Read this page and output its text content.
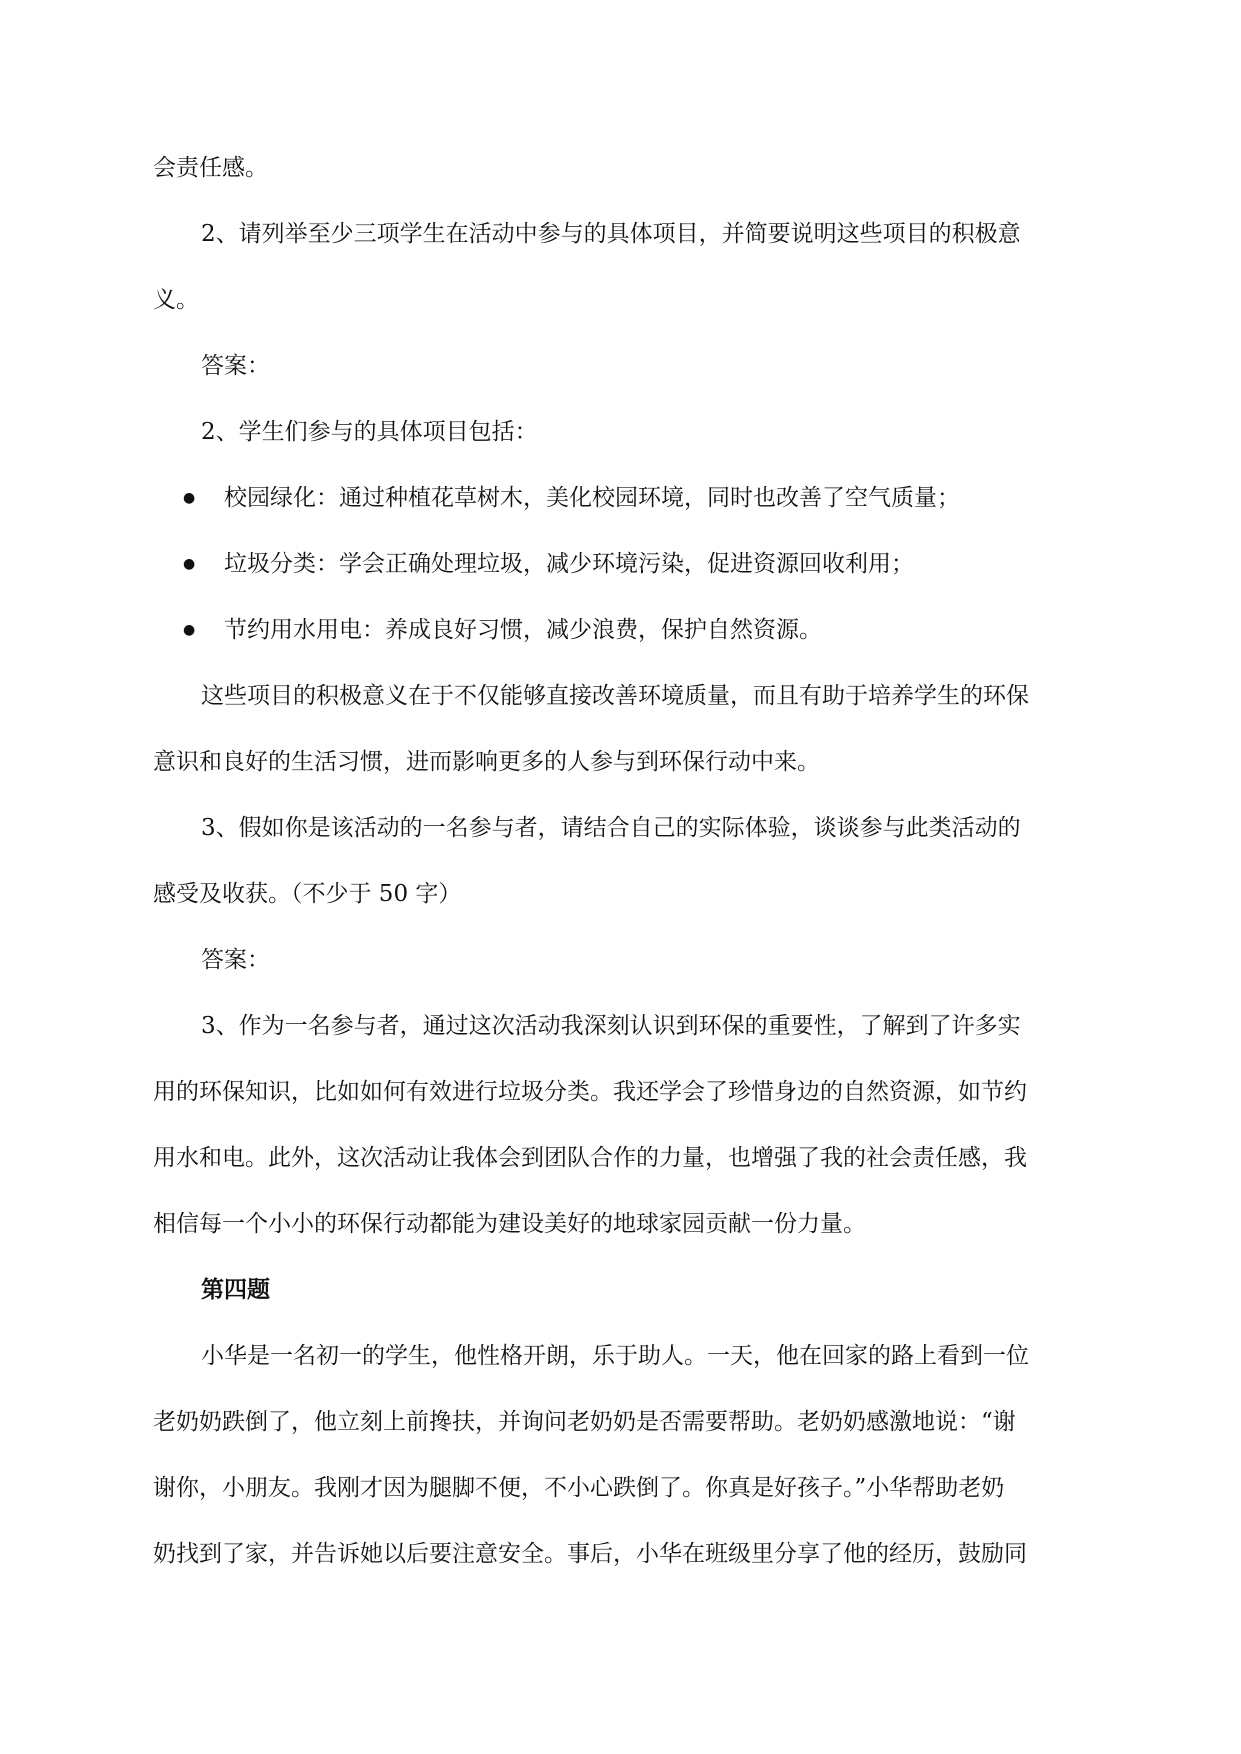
会责任感。
2、请列举至少三项学生在活动中参与的具体项目，并简要说明这些项目的积极意
义。
答案：
2、学生们参与的具体项目包括：
●	校园绿化：通过种植花草树木，美化校园环境，同时也改善了空气质量；
●	垃圾分类：学会正确处理垃圾，减少环境污染，促进资源回收利用；
●	节约用水用电：养成良好习惯，减少浪费，保护自然资源。
这些项目的积极意义在于不仅能够直接改善环境质量，而且有助于培养学生的环保
意识和良好的生活习惯，进而影响更多的人参与到环保行动中来。
3、假如你是该活动的一名参与者，请结合自己的实际体验，谈谈参与此类活动的
感受及收获。（不少于 50 字）
答案：
3、作为一名参与者，通过这次活动我深刻认识到环保的重要性，了解到了许多实
用的环保知识，比如如何有效进行垃圾分类。我还学会了珍惜身边的自然资源，如节约
用水和电。此外，这次活动让我体会到团队合作的力量，也增强了我的社会责任感，我
相信每一个小小的环保行动都能为建设美好的地球家园贡献一份力量。
第四题
小华是一名初一的学生，他性格开朗，乐于助人。一天，他在回家的路上看到一位
老奶奶跌倒了，他立刻上前搀扶，并询问老奶奶是否需要帮助。老奶奶感激地说：“谢
谢你，小朋友。我刚才因为腿脚不便，不小心跌倒了。你真是好孩子。”小华帮助老奶
奶找到了家，并告诉她以后要注意安全。事后，小华在班级里分享了他的经历，鼓励同
